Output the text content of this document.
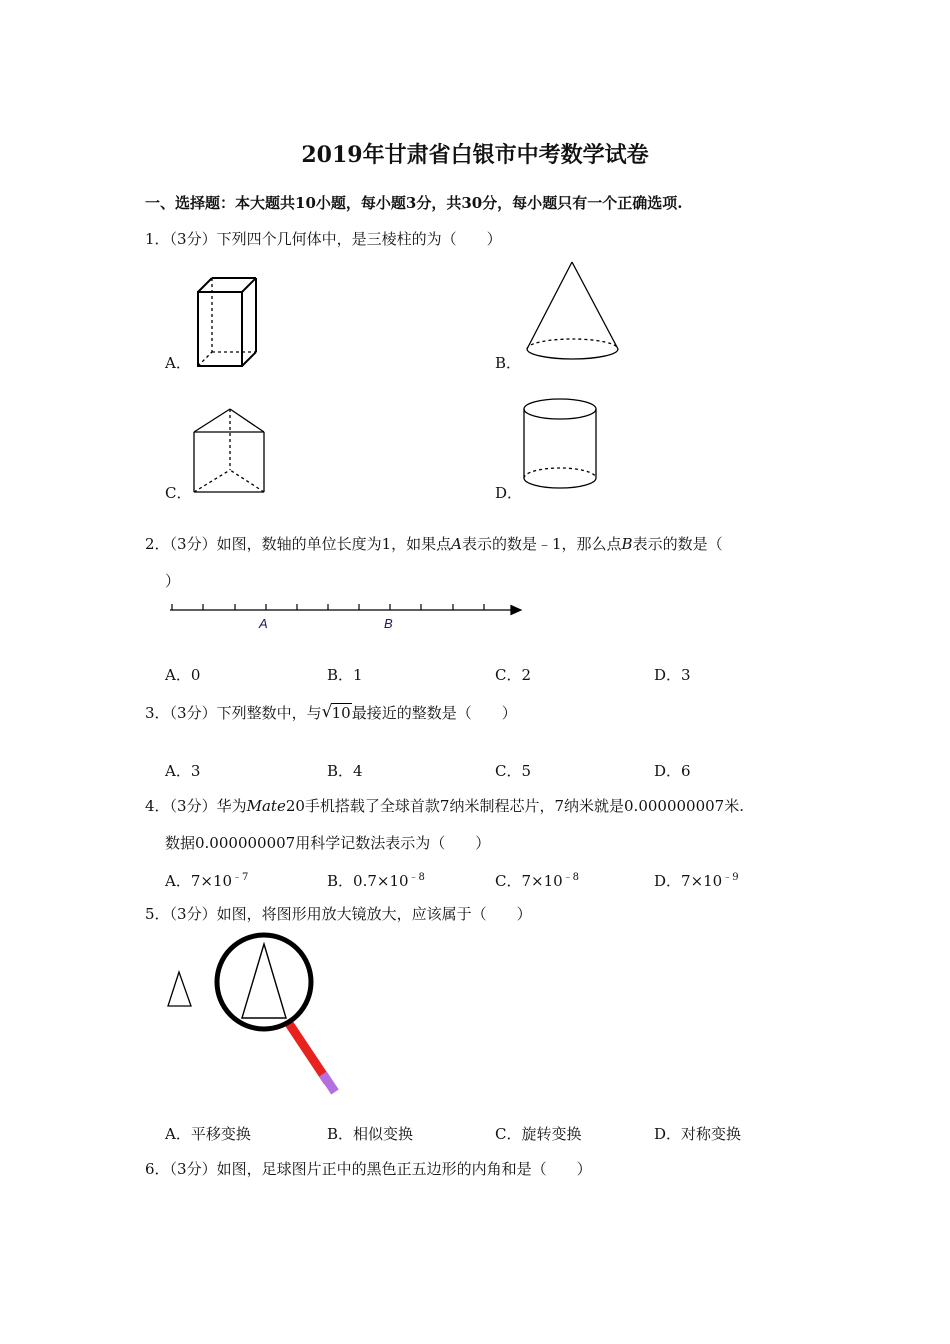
2019年甘肃省白银市中考数学试卷
一、选择题：本大题共10小题，每小题3分，共30分，每小题只有一个正确选项.
1．（3分）下列四个几何体中，是三棱柱的为（　　）
A．	B．
C．	D．
2．（3分）如图，数轴的单位长度为1，如果点A表示的数是﹣1，那么点B表示的数是（
）
A	B
A．0	B．1	C．2	D．3
3．（3分）下列整数中，与 √ 10最接近的整数是（　　）
A．3	B．4	C．5	D．6
4．（3分）华为Mate20手机搭载了全球首款7纳米制程芯片，7纳米就是0.000000007米.
数据0.000000007用科学记数法表示为（　　）
A．$7\times 10^{﹣7}$	B．$0.7\times 10^{﹣8}$	C．$7\times 10^{﹣8}$	D．$7\times 10^{﹣9}$
5．（3分）如图，将图形用放大镜放大，应该属于（　　）
A．平移变换	B．相似变换	C．旋转变换	D．对称变换
6．（3分）如图，足球图片正中的黑色正五边形的内角和是（　　）
